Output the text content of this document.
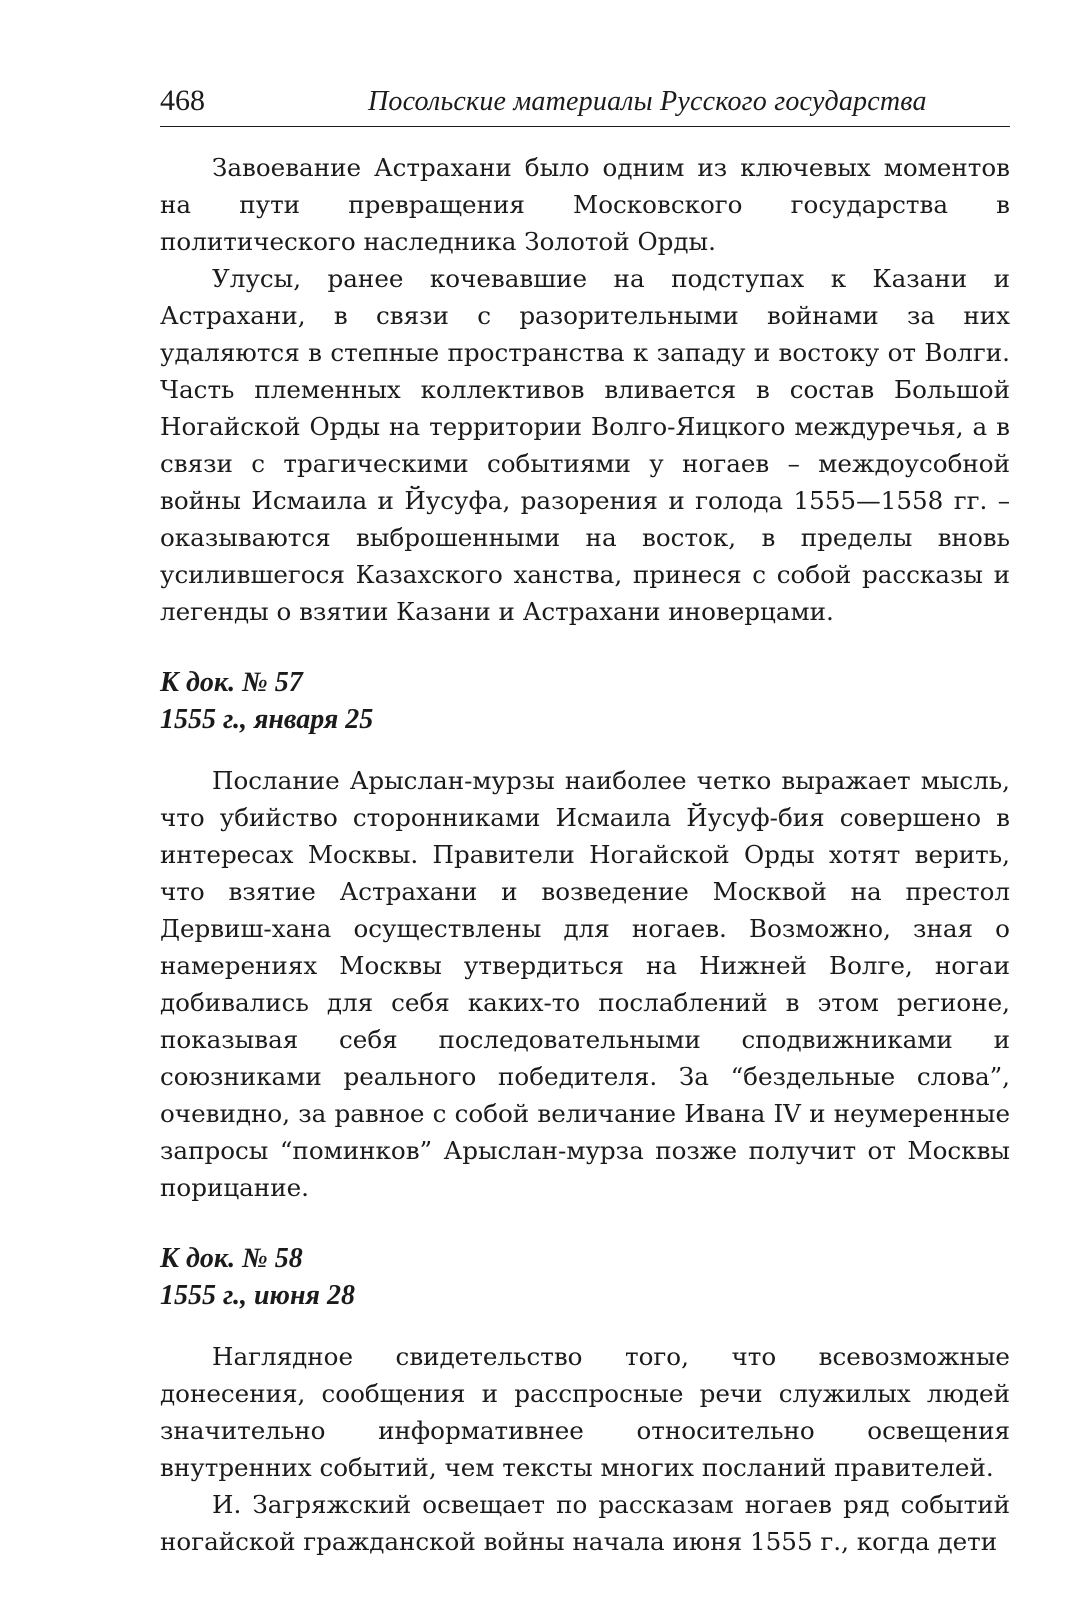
468	Посольские материалы Русского государства

Завоевание Астрахани было одним из ключевых моментов на пути превращения Московского государства в политического наследника Золотой Орды.

Улусы, ранее кочевавшие на подступах к Казани и Астрахани, в связи с разорительными войнами за них удаляются в степные пространства к западу и востоку от Волги. Часть племенных коллективов вливается в состав Большой Ногайской Орды на территории Волго-Яицкого междуречья, а в связи с трагическими событиями у ногаев – междоусобной войны Исмаила и Йусуфа, разорения и голода 1555—1558 гг. – оказываются выброшенными на восток, в пределы вновь усилившегося Казахского ханства, принеся с собой рассказы и легенды о взятии Казани и Астрахани иноверцами.

К док. № 57
1555 г., января 25

Послание Арыслан-мурзы наиболее четко выражает мысль, что убийство сторонниками Исмаила Йусуф-бия совершено в интересах Москвы. Правители Ногайской Орды хотят верить, что взятие Астрахани и возведение Москвой на престол Дервиш-хана осуществлены для ногаев. Возможно, зная о намерениях Москвы утвердиться на Нижней Волге, ногаи добивались для себя каких-то послаблений в этом регионе, показывая себя последовательными сподвижниками и союзниками реального победителя. За “бездельные слова”, очевидно, за равное с собой величание Ивана IV и неумеренные запросы “поминков” Арыслан-мурза позже получит от Москвы порицание.

К док. № 58
1555 г., июня 28

Наглядное свидетельство того, что всевозможные донесения, сообщения и расспросные речи служилых людей значительно информативнее относительно освещения внутренних событий, чем тексты многих посланий правителей.

И. Загряжский освещает по рассказам ногаев ряд событий ногайской гражданской войны начала июня 1555 г., когда дети
